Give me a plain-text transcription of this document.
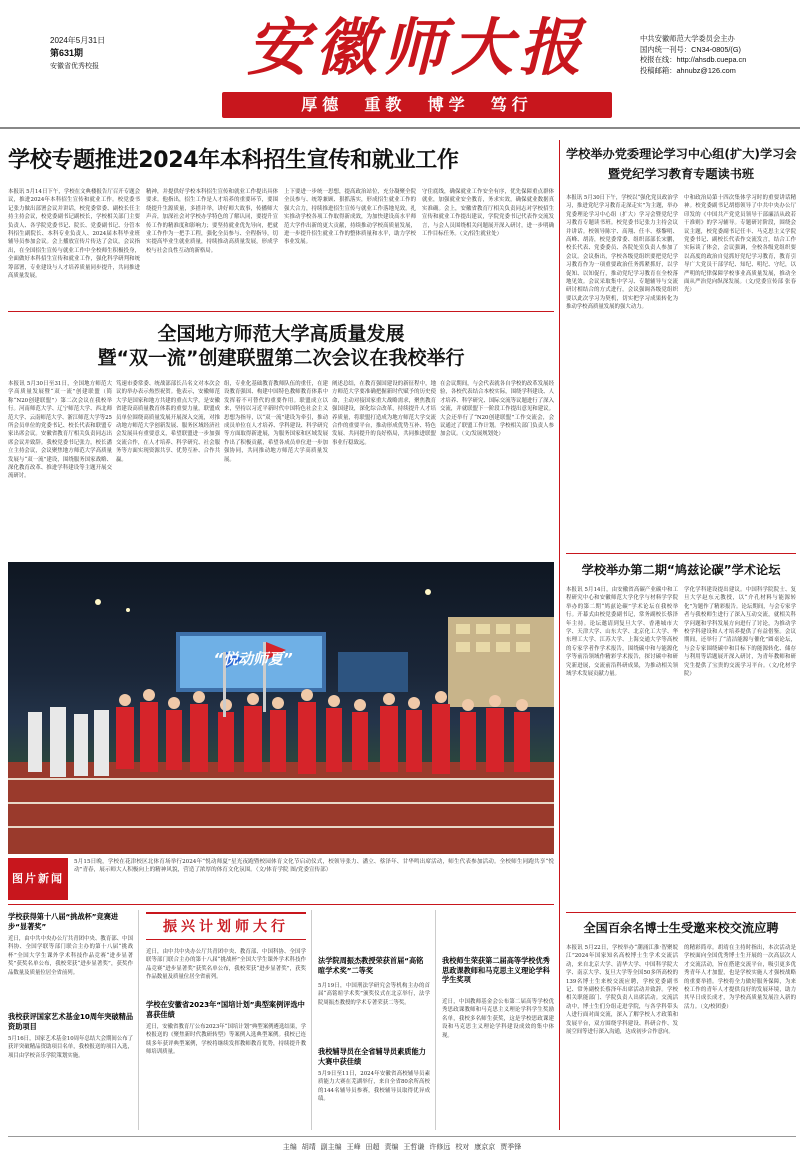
2024年5月31日
第631期
安徽省优秀校报	安徽师大报
厚德  重教  博学  笃行
中共安徽师范大学委员会主办
国内统一刊号：CN34-0805/(G)
校报在线：http://ahsdb.cuepa.cn
投稿邮箱：ahnubz@126.com
学校专题推进2024年本科招生宣传和就业工作
本报讯 5月14日下午，学校在文典楼报告厅召开专题会议，推进2024年本科招生宣传和就业工作。校党委书记张力做出部署会议并讲话，校党委常委、副校长任主持主持会议，校党委副书记副校长，学校相关部门主要负责人、各学院党委书记、院长、党委副书记、分管本科招生副院长、本科专业负责人、2024届本科毕业班辅导员参加会议。会上播放宣传片传达了会议，会议指出，在全国招生宣传与就业工作中全校师生积极投身，全面做好本科招生宣传和就业工作，强化科学研判和统筹部署，专业建设与人才培养质量同步提升，共同推进高质量发展。
精神，并提供好学校本科招生宣传和就业工作提出具体要求。他指出，招生工作是人才培养的重要环节，要围绕提升生源质量，多措并举，讲好师大故事，传播师大声音，加深社会对学校办学特色的了解认同，要提升宣传工作的精准度和影响力；要坚持就业优先导向，把就业工作作为一把手工程，强化全员参与、全程指导，切实提高毕业生就业质量，持续推动高质量发展，形成学校与社会良性互动的新格局。
上下要进一步统一思想，提高政治站位，充分凝聚全院全员参与、统筹兼顾、狠抓落实，形成招生就业工作的强大合力，持续推进招生宣传与就业工作落地见效，扎实推动学校各项工作取得新成效，为加快建设高水平师范大学作出新的更大贡献，持续推动学校高质量发展，进一步提升招生就业工作的整体质量和水平，助力学校事业发展。
守住底线，确保就业工作安全有序，优先保障重点群体就业，加强就业安全教育，务求实效，确保就业数据真实准确。会上，安徽省教育厅相关负责同志对学校招生宣传和就业工作提出建议，学院党委书记代表作交流发言，与会人员围绕相关问题展开深入研讨，进一步明确工作目标任务。（文/招生就业处）
全国地方师范大学高质量发展
暨“双一流”创建联盟第二次会议在我校举行
本报讯 5月30日至31日，全国地方师范大学高质量发展暨“双一流”创建联盟（简称“N20创建联盟”）第二次会议在我校举行。河南师范大学、辽宁师范大学、西北师范大学、云南师范大学、浙江师范大学等25所会员单位的党委书记、校长代表和联盟专家出席会议。安徽省教育厅相关负责同志出席会议并致辞。我校党委书记张力，校长潘立主持会议，会议聚焦地方师范大学高质量发展与“双一流”建设，围绕服务国家战略、深化教育改革、推进学科建设等主题开展交流研讨。
笃速市委常委、统战部部长吕名文对本次会议的举办表示热烈祝贺。他表示，安徽师范大学是国家和地方共建的重点大学，是安徽省建设高质量教育体系的重要力量，联盟成员单位围绕高质量发展开展深入交流，对推动地方师范大学创新发展、服务区域经济社会发展具有重要意义，希望联盟进一步加强交流合作，在人才培养、科学研究、社会服务等方面实现资源共享、优势互补、合作共赢。
组，专业化基础教育教师队伍的重任，在建设教育强国、构建中国特色教师教育体系中发挥着不可替代的重要作用。联盟成立以来，坚持以习近平新时代中国特色社会主义思想为指导，以“双一流”建设为牵引，推动成员单位在人才培养、学科建设、科学研究等方面取得新进展，为服务国家和区域发展作出了积极贡献，希望各成员单位进一步加强协同，共同推动地方师范大学高质量发展。
阐述总结，在教育强国建设的新征程中，地方师范大学要准确把握新时代赋予的历史使命，主动对接国家重大战略需求，聚焦教育强国建设，深化综合改革，持续提升人才培养质量，将联盟打造成为地方师范大学交流合作的重要平台，推动形成优势互补、特色发展、共同提升的良好格局，共同推进联盟事业行稳致远。
在会议期间，与会代表就各自学校的改革发展经验，各校代表结合本校实际，围绕学科建设、人才培养、科学研究、国际交流等议题进行了深入交流，并就联盟下一阶段工作提出意见和建议。大会还举行了“N20创建联盟”工作交流会，会议通过了联盟工作计划。学校相关部门负责人参加会议。（文/发展规划处）
“悦动师夏”
图片新闻
5月15日晚，学校在花津校区北体育场举行2024年“悦动师夏”星光夜跑暨校园体育文化节启动仪式，校领导张力、潘立、蔡泽年、甘华鸣出席活动，师生代表参加活动。全校师生同跑共享“悦动”青春，展示师大人积极向上的精神风貌，营造了浓厚的体育文化氛围。（文/体育学院 图/党委宣传部）
学校获得第十八届“挑战杯”竞赛进步“显著奖”
近日，由中共中央办公厅共青团中央、教育部、中国科协、全国学联等部门联合主办的第十八届“挑战杯”全国大学生课外学术科技作品竞赛“进步显著奖”获奖名单公布，我校荣获“进步显著奖”，获奖作品数量及质量位居全省前列。
我校获评国家艺术基金10周年突破精品资助项目
5月16日，国家艺术基金10周年总结大会期间公布了获评突破精品资助项目名单，我校报送的项目入选，项目由学校音乐学院策划实施。
振兴计划师大行
学校在安徽省2023年“国培计划”典型案例评选中喜获佳绩
近日，安徽省教育厅公布2023年“国培计划”典型案例遴选结果，学校报送的《聚焦新时代教研转型》等案例入选典型案例。我校已连续多年获评典型案例，学校将继续发挥教师教育优势，持续提升教师培训质量。
近日，由中共中央办公厅共青团中央、教育部、中国科协、全国学联等部门联合主办的第十八届“挑战杯”全国大学生课外学术科技作品竞赛“进步显著奖”获奖名单公布，我校荣获“进步显著奖”，获奖作品数量及质量位居全省前列。
法学院周振杰教授荣获首届“高铭暄学术奖”二等奖
5月19日，中国刑法学研究会等机构主办的首届“高铭暄学术奖”颁奖仪式在北京举行，法学院周振杰教授的学术专著荣获二等奖。
我校辅导员在全省辅导员素质能力大赛中获佳绩
5月9日至11日，2024年安徽省高校辅导员素质能力大赛在芜湖举行，来自全省80余所高校的144名辅导员参赛，我校辅导员取得优异成绩。
我校师生荣获第二届高等学校优秀思政课教师和马克思主义理论学科学生奖项
近日，中国教师基金会公布第二届高等学校优秀思政课教师和马克思主义理论学科学生奖励名单，我校多名师生获奖，这是学校思政课建设和马克思主义理论学科建设成效的集中体现。
学校举办党委理论学习中心组(扩大)学习会
暨党纪学习教育专题读书班
本报讯 5月30日下午，学校以“强化党员政治学习，推进党纪学习教育走深走实”为主题，举办党委理论学习中心组（扩大）学习会暨党纪学习教育专题读书班。校党委书记张力主持会议并讲话。校领导陈宇、高翔、任丰、蔡黎明、高峰、胡涛，校党委常委、组织部部长宋鹏，校长代表、党委委员、各院处室负责人参加了会议。会议指出，学校各级党组织要把党纪学习教育作为一项重要政治任务抓紧抓好，以学促知、以知促行，推动党纪学习教育在全校落地见效。会议采取集中学习、专题辅导与交流研讨相结合的方式进行，会议强调各级党组织要以此次学习为契机，切实把学习成果转化为推动学校高质量发展的强大动力。
中和政治局第十四次集体学习时的重要讲话精神。校党委副书记胡德领导了中共中央办公厅印发的《中国共产党党员领导干部廉洁从政若干准则》的学习辅导。专题研讨阶段，围绕会议主题，校党委副书记任丰、马克思主义学院党委书记、副校长代表作交流发言，结合工作实际谈了体会，会议强调，全校各级党组织要以高度的政治自觉抓好党纪学习教育，教育引导广大党员干部学纪、知纪、明纪、守纪，以严明的纪律保障学校事业高质量发展，推动全面从严治党向纵深发展。（文/党委宣传部 张春光）
学校举办第二期“鸠兹论碳”学术论坛
本报讯 5月14日，由安徽省高碳产业碳中和工程研究中心和安徽师范大学化学与材料学学院举办的第二期“鸠兹论碳”学术论坛在我校举行。开幕式由校党委副书记，常务副校长蔡泽年主持。论坛邀请到复旦大学、香港城市大学、天津大学、山东大学、北京化工大学、华东理工大学、江苏大学、上海交通大学等高校的专家学者作学术报告，围绕碳中和与能源化学等前沿领域作精彩学术报告，探讨碳中和研究新进展，交流前沿科研成果，为推动相关领域学术发展贡献力量。
学化学科建设提出建议。中国科学院院士、复旦大学赵东元教授，以“介孔材料与能源转化”为题作了精彩报告。论坛期间，与会专家学者与我校师生进行了深入互动交流，就相关科学问题和学科发展方向进行了讨论，为推动学校学科建设和人才培养提供了有益借鉴。会议期间，还举行了“清洁能源与催化”圆桌论坛，与会专家围绕碳中和目标下的能源转化、储存与利用等话题展开深入研讨，为青年教师和研究生提供了宝贵的交流学习平台。（文/化材学院）
全国百余名博士生受邀来校交流应聘
本报讯 5月22日，学校举办“潮涌江淮·智聚皖江”2024年国家知名高校博士生学术交流活动，来自北京大学、清华大学、中国科学院大学、南京大学、复旦大学等全国50多所高校的139名博士生来校交流应聘，学校党委副书记、常务副校长蔡泽年出席活动并致辞。学校相关职能部门、学院负责人出席活动。交流活动中，博士生们分组走进学院，与各学科带头人进行面对面交流，深入了解学校人才政策和发展平台，双方围绕学科建设、科研合作、发展空间等进行深入沟通，达成初步合作意向。
的精彩简章。胡靖在主持时指出，本次活动是学校面向全国优秀博士生开展的一次高层次人才交流活动，旨在搭建交流平台，吸引更多优秀青年人才加盟，也是学校实施人才强校战略的重要举措。学校将全力做好服务保障，为来校工作的青年人才提供良好的发展环境，助力其早日成长成才，为学校高质量发展注入新的活力。（文/校团委）
主编 胡靖 副主编 王峰 田超 责编 王哲谦 许修远 校对 康京京 贾季锋
